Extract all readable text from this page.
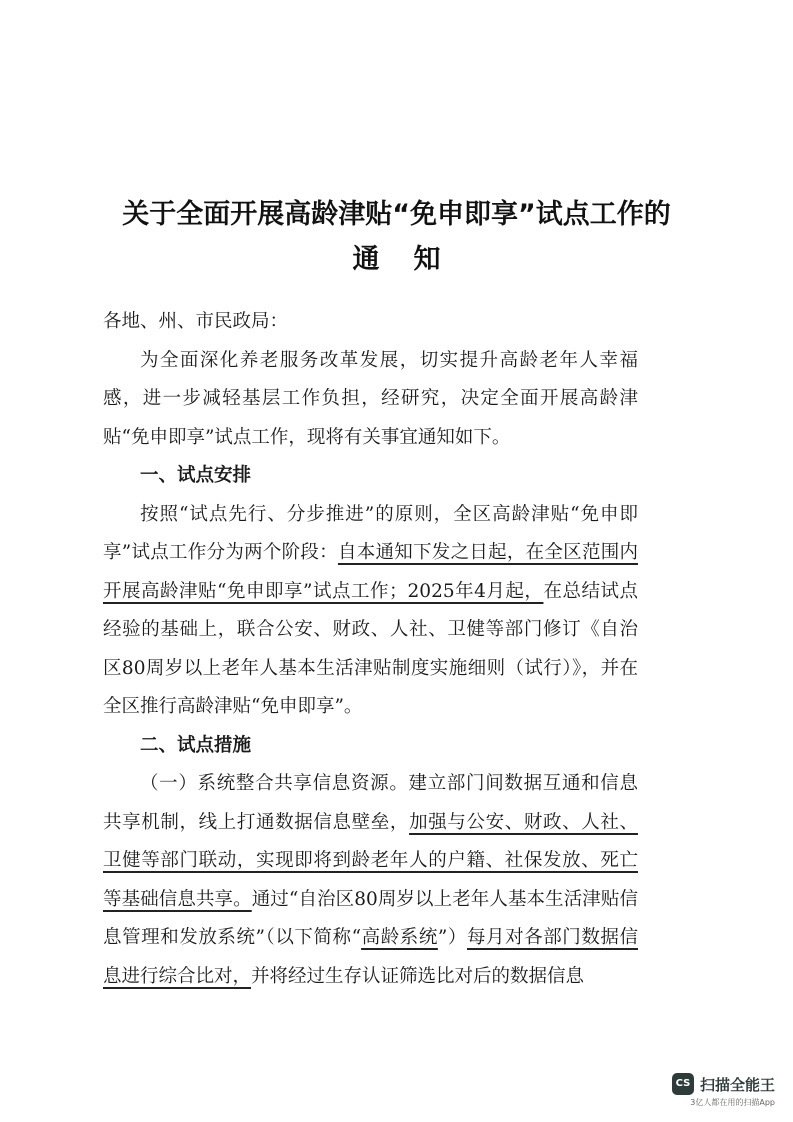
关于全面开展高龄津贴“免申即享”试点工作的
通知

各地、州、市民政局：

为全面深化养老服务改革发展，切实提升高龄老年人幸福感，进一步减轻基层工作负担，经研究，决定全面开展高龄津贴“免申即享”试点工作，现将有关事宜通知如下。

一、试点安排

按照“试点先行、分步推进”的原则，全区高龄津贴“免申即享”试点工作分为两个阶段：自本通知下发之日起，在全区范围内开展高龄津贴“免申即享”试点工作；2025年4月起，在总结试点经验的基础上，联合公安、财政、人社、卫健等部门修订《自治区80周岁以上老年人基本生活津贴制度实施细则（试行）》，并在全区推行高龄津贴“免申即享”。

二、试点措施

（一）系统整合共享信息资源。建立部门间数据互通和信息共享机制，线上打通数据信息壁垒，加强与公安、财政、人社、卫健等部门联动，实现即将到龄老年人的户籍、社保发放、死亡等基础信息共享。通过“自治区80周岁以上老年人基本生活津贴信息管理和发放系统”（以下简称“高龄系统”）每月对各部门数据信息进行综合比对，并将经过生存认证筛选比对后的数据信息

CS 扫描全能王
3亿人都在用的扫描App
